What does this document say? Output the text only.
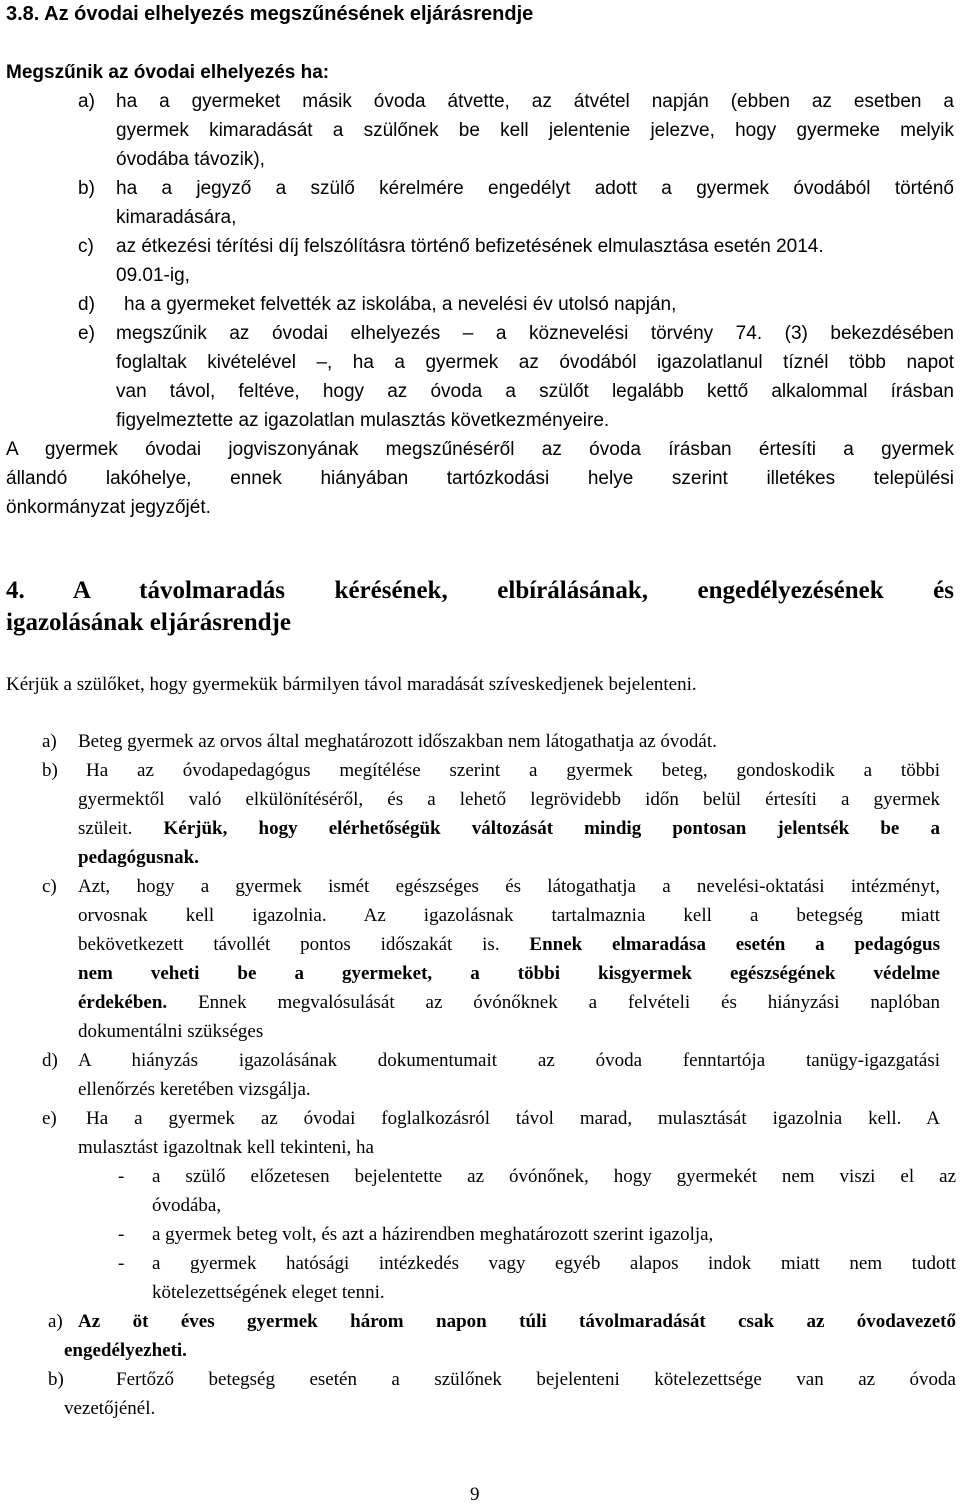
3.8. Az óvodai elhelyezés megszűnésének eljárásrendje
Megszűnik az óvodai elhelyezés ha:
a) ha a gyermeket másik óvoda átvette, az átvétel napján (ebben az esetben a
gyermek kimaradását a szülőnek be kell jelentenie jelezve, hogy gyermeke melyik
óvodába távozik),
b) ha a jegyző a szülő kérelmére engedélyt adott a gyermek óvodából történő
kimaradására,
c) az étkezési térítési díj felszólításra történő befizetésének elmulasztása esetén 2014.
09.01-ig,
d) ha a gyermeket felvették az iskolába, a nevelési év utolsó napján,
e) megszűnik az óvodai elhelyezés – a köznevelési törvény 74. (3) bekezdésében
foglaltak kivételével –, ha a gyermek az óvodából igazolatlanul tíznél több napot
van távol, feltéve, hogy az óvoda a szülőt legalább kettő alkalommal írásban
figyelmeztette az igazolatlan mulasztás következményeire.
A gyermek óvodai jogviszonyának megszűnéséről az óvoda írásban értesíti a gyermek
állandó lakóhelye, ennek hiányában tartózkodási helye szerint illetékes települési
önkormányzat jegyzőjét.
4. A távolmaradás kérésének, elbírálásának, engedélyezésének és
igazolásának eljárásrendje
Kérjük a szülőket, hogy gyermekük bármilyen távol maradását szíveskedjenek bejelenteni.
a) Beteg gyermek az orvos által meghatározott időszakban nem látogathatja az óvodát.
b) Ha az óvodapedagógus megítélése szerint a gyermek beteg, gondoskodik a többi
gyermektől való elkülönítéséről, és a lehető legrövidebb időn belül értesíti a gyermek
szüleit. Kérjük, hogy elérhetőségük változását mindig pontosan jelentsék be a
pedagógusnak.
c) Azt, hogy a gyermek ismét egészséges és látogathatja a nevelési-oktatási intézményt,
orvosnak kell igazolnia. Az igazolásnak tartalmaznia kell a betegség miatt
bekövetkezett távollét pontos időszakát is. Ennek elmaradása esetén a pedagógus
nem veheti be a gyermeket, a többi kisgyermek egészségének védelme
érdekében. Ennek megvalósulását az óvónőknek a felvételi és hiányzási naplóban
dokumentálni szükséges
d) A hiányzás igazolásának dokumentumait az óvoda fenntartója tanügy-igazgatási
ellenőrzés keretében vizsgálja.
e) Ha a gyermek az óvodai foglalkozásról távol marad, mulasztását igazolnia kell. A
mulasztást igazoltnak kell tekinteni, ha
- a szülő előzetesen bejelentette az óvónőnek, hogy gyermekét nem viszi el az
óvodába,
- a gyermek beteg volt, és azt a házirendben meghatározott szerint igazolja,
- a gyermek hatósági intézkedés vagy egyéb alapos indok miatt nem tudott
kötelezettségének eleget tenni.
a) Az öt éves gyermek három napon túli távolmaradását csak az óvodavezető
engedélyezheti.
b)	Fertőző betegség esetén a szülőnek bejelenteni kötelezettsége van az óvoda
vezetőjénél.
9
